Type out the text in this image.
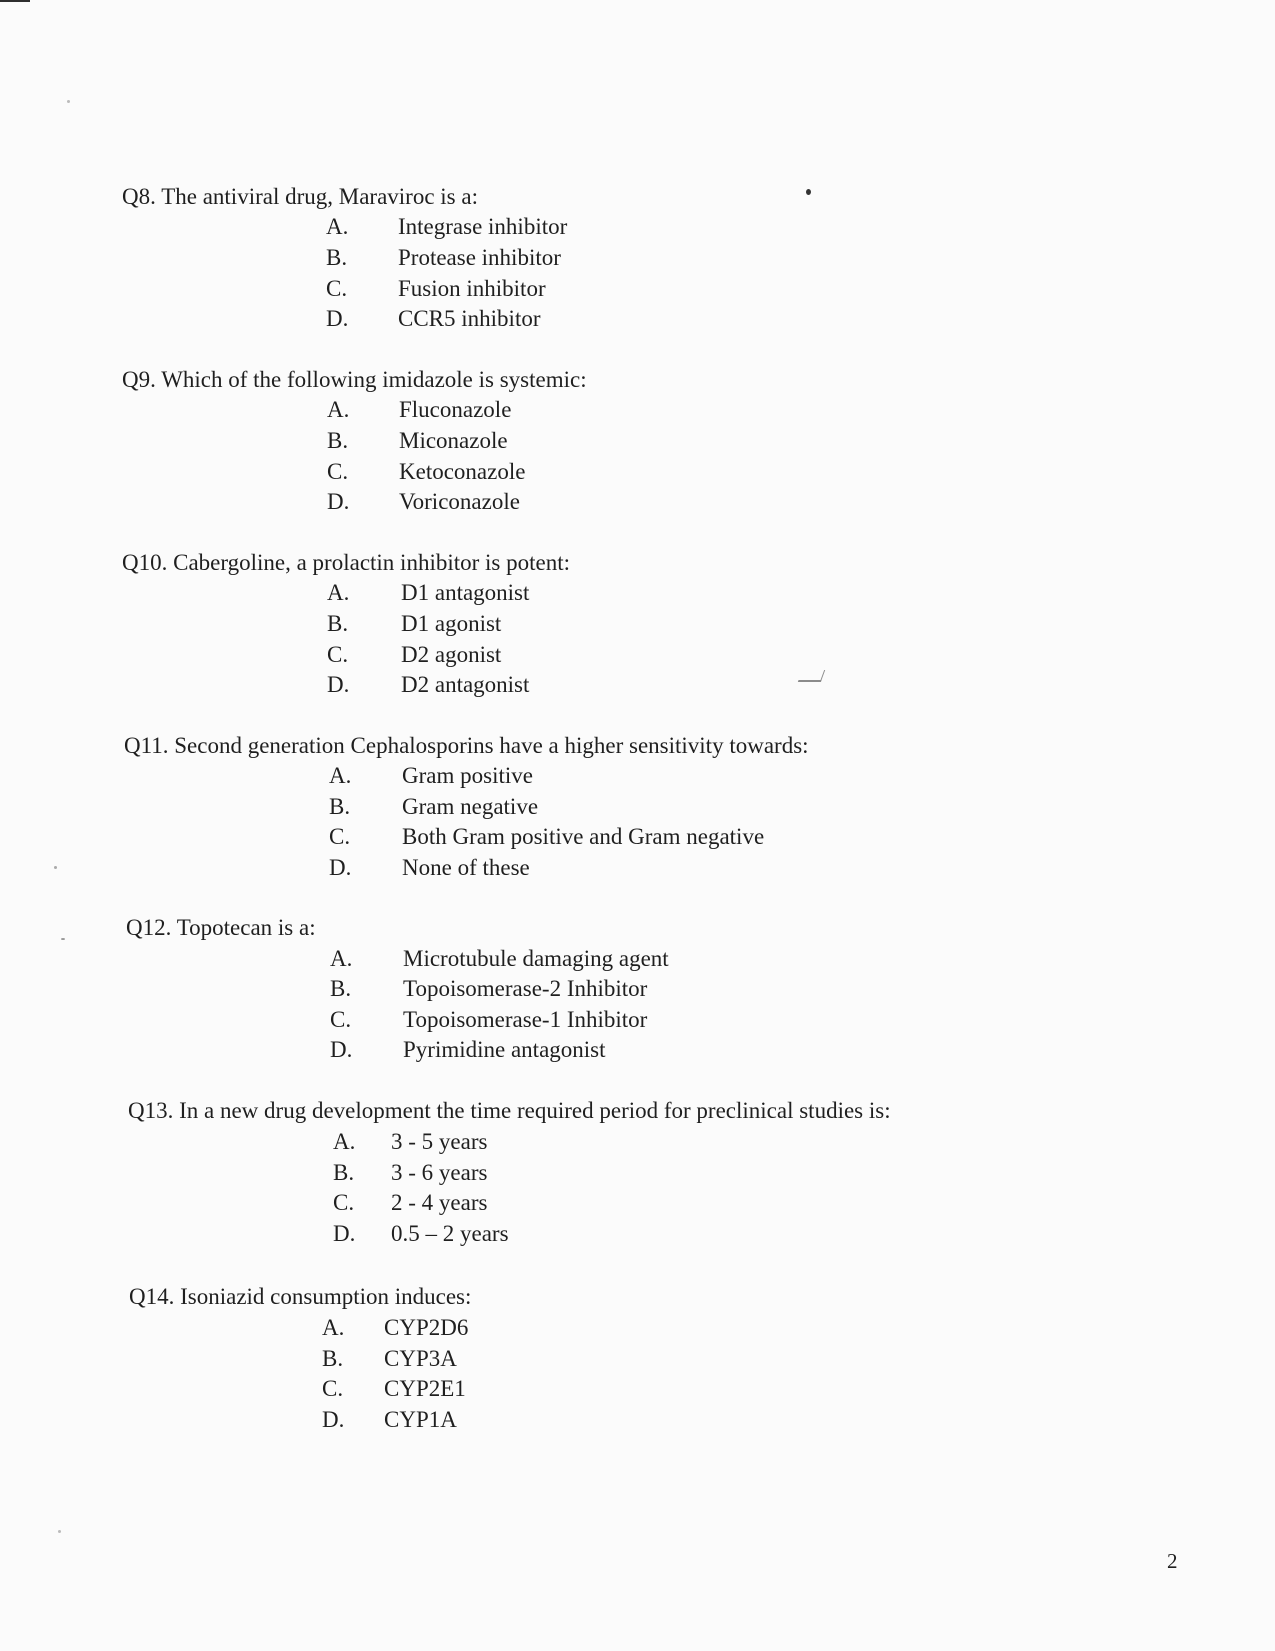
Q8. The antiviral drug, Maraviroc is a:
A. Integrase inhibitor
B. Protease inhibitor
C. Fusion inhibitor
D. CCR5 inhibitor
Q9. Which of the following imidazole is systemic:
A. Fluconazole
B. Miconazole
C. Ketoconazole
D. Voriconazole
Q10. Cabergoline, a prolactin inhibitor is potent:
A. D1 antagonist
B. D1 agonist
C. D2 agonist
D. D2 antagonist
Q11. Second generation Cephalosporins have a higher sensitivity towards:
A. Gram positive
B. Gram negative
C. Both Gram positive and Gram negative
D. None of these
Q12. Topotecan is a:
A. Microtubule damaging agent
B. Topoisomerase-2 Inhibitor
C. Topoisomerase-1 Inhibitor
D. Pyrimidine antagonist
Q13. In a new drug development the time required period for preclinical studies is:
A. 3 - 5 years
B. 3 - 6 years
C. 2 - 4 years
D. 0.5 – 2 years
Q14. Isoniazid consumption induces:
A. CYP2D6
B. CYP3A
C. CYP2E1
D. CYP1A
2
